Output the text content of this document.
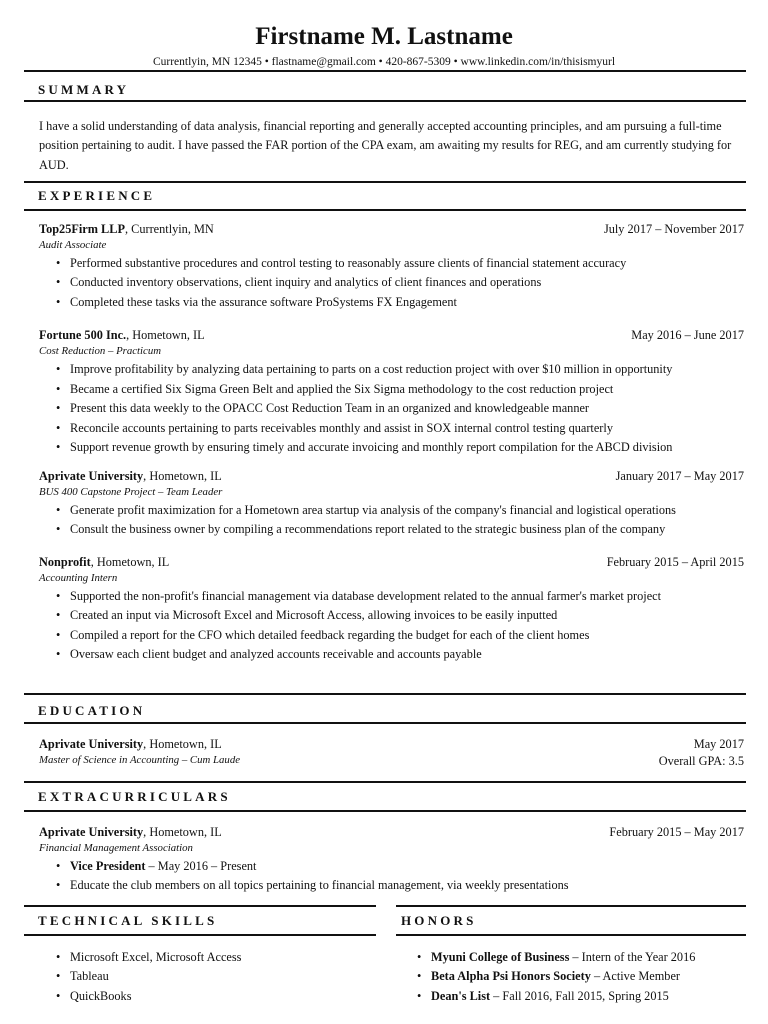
Firstname M. Lastname
Currentlyin, MN 12345 • flastname@gmail.com • 420-867-5309 • www.linkedin.com/in/thisismyurl
SUMMARY
I have a solid understanding of data analysis, financial reporting and generally accepted accounting principles, and am pursuing a full-time position pertaining to audit. I have passed the FAR portion of the CPA exam, am awaiting my results for REG, and am currently studying for AUD.
EXPERIENCE
Top25Firm LLP, Currentlyin, MN	July 2017 – November 2017
Audit Associate
• Performed substantive procedures and control testing to reasonably assure clients of financial statement accuracy
• Conducted inventory observations, client inquiry and analytics of client finances and operations
• Completed these tasks via the assurance software ProSystems FX Engagement
Fortune 500 Inc., Hometown, IL	May 2016 – June 2017
Cost Reduction – Practicum
• Improve profitability by analyzing data pertaining to parts on a cost reduction project with over $10 million in opportunity
• Became a certified Six Sigma Green Belt and applied the Six Sigma methodology to the cost reduction project
• Present this data weekly to the OPACC Cost Reduction Team in an organized and knowledgeable manner
• Reconcile accounts pertaining to parts receivables monthly and assist in SOX internal control testing quarterly
• Support revenue growth by ensuring timely and accurate invoicing and monthly report compilation for the ABCD division
Aprivate University, Hometown, IL	January 2017 – May 2017
BUS 400 Capstone Project – Team Leader
• Generate profit maximization for a Hometown area startup via analysis of the company's financial and logistical operations
• Consult the business owner by compiling a recommendations report related to the strategic business plan of the company
Nonprofit, Hometown, IL	February 2015 – April 2015
Accounting Intern
• Supported the non-profit's financial management via database development related to the annual farmer's market project
• Created an input via Microsoft Excel and Microsoft Access, allowing invoices to be easily inputted
• Compiled a report for the CFO which detailed feedback regarding the budget for each of the client homes
• Oversaw each client budget and analyzed accounts receivable and accounts payable
EDUCATION
Aprivate University, Hometown, IL	May 2017
Master of Science in Accounting – Cum Laude	Overall GPA: 3.5
EXTRACURRICULARS
Aprivate University, Hometown, IL	February 2015 – May 2017
Financial Management Association
• Vice President – May 2016 – Present
• Educate the club members on all topics pertaining to financial management, via weekly presentations
TECHNICAL SKILLS
• Microsoft Excel, Microsoft Access
• Tableau
• QuickBooks
HONORS
• Myuni College of Business – Intern of the Year 2016
• Beta Alpha Psi Honors Society – Active Member
• Dean's List – Fall 2016, Fall 2015, Spring 2015
